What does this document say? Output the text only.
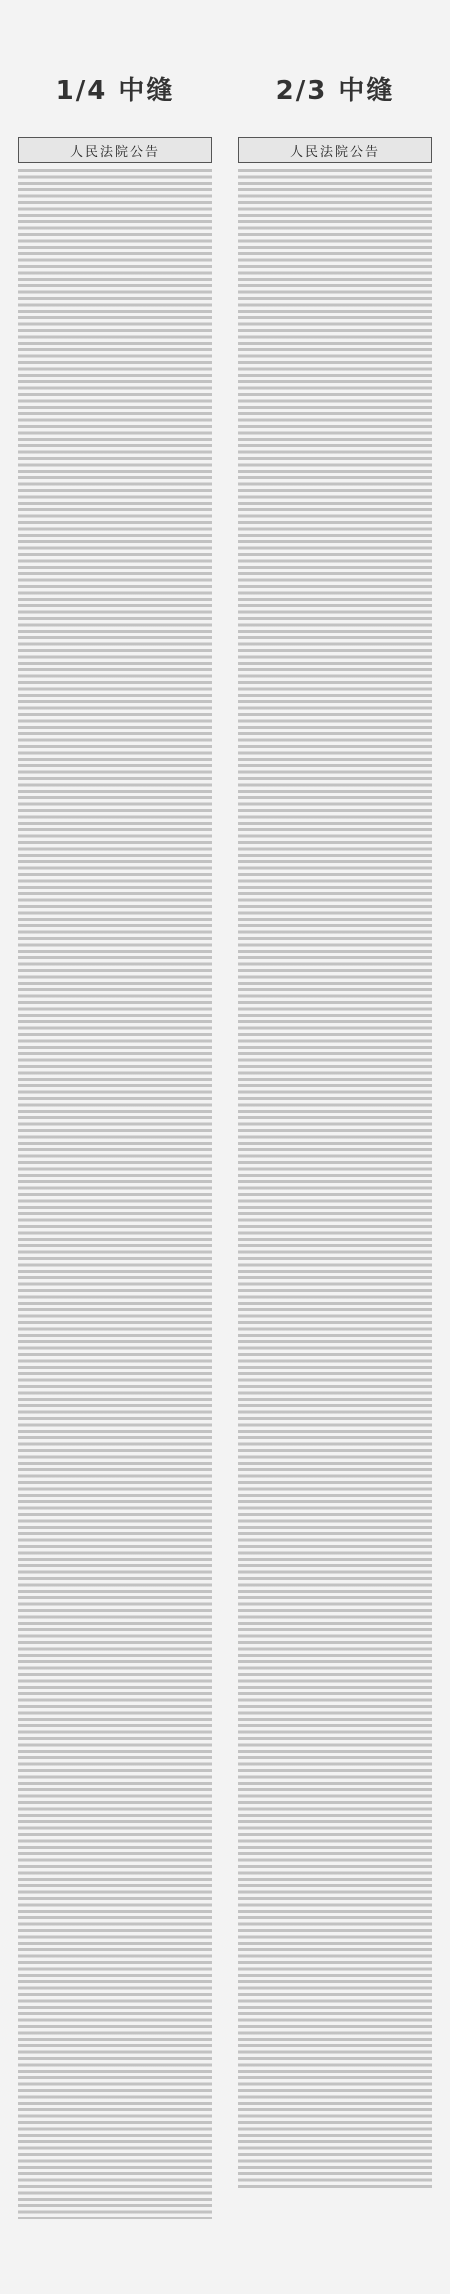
1/4 中缝
人民法院公告
2/3 中缝
人民法院公告
